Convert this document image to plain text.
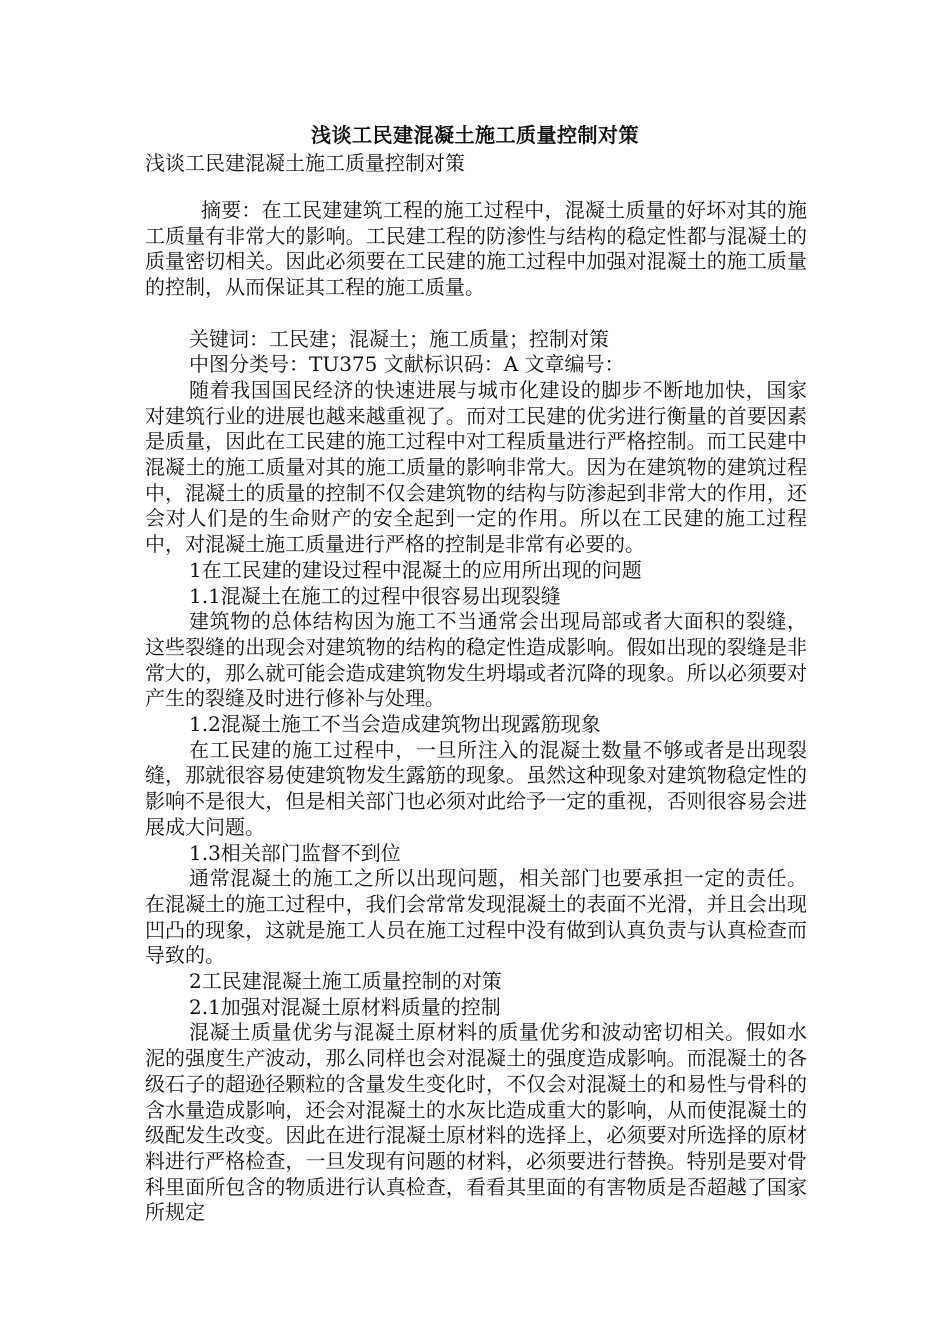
浅谈工民建混凝土施工质量控制对策
浅谈工民建混凝土施工质量控制对策

摘要：在工民建建筑工程的施工过程中，混凝土质量的好坏对其的施工质量有非常大的影响。工民建工程的防渗性与结构的稳定性都与混凝土的质量密切相关。因此必须要在工民建的施工过程中加强对混凝土的施工质量的控制，从而保证其工程的施工质量。

关键词：工民建；混凝土；施工质量；控制对策

中图分类号：TU375 文献标识码：A 文章编号：

随着我国国民经济的快速进展与城市化建设的脚步不断地加快，国家对建筑行业的进展也越来越重视了。而对工民建的优劣进行衡量的首要因素是质量，因此在工民建的施工过程中对工程质量进行严格控制。而工民建中混凝土的施工质量对其的施工质量的影响非常大。因为在建筑物的建筑过程中，混凝土的质量的控制不仅会建筑物的结构与防渗起到非常大的作用，还会对人们是的生命财产的安全起到一定的作用。所以在工民建的施工过程中，对混凝土施工质量进行严格的控制是非常有必要的。

1在工民建的建设过程中混凝土的应用所出现的问题

1.1混凝土在施工的过程中很容易出现裂缝

建筑物的总体结构因为施工不当通常会出现局部或者大面积的裂缝，这些裂缝的出现会对建筑物的结构的稳定性造成影响。假如出现的裂缝是非常大的，那么就可能会造成建筑物发生坍塌或者沉降的现象。所以必须要对产生的裂缝及时进行修补与处理。

1.2混凝土施工不当会造成建筑物出现露筋现象

在工民建的施工过程中，一旦所注入的混凝土数量不够或者是出现裂缝，那就很容易使建筑物发生露筋的现象。虽然这种现象对建筑物稳定性的影响不是很大，但是相关部门也必须对此给予一定的重视，否则很容易会进展成大问题。

1.3相关部门监督不到位

通常混凝土的施工之所以出现问题，相关部门也要承担一定的责任。在混凝土的施工过程中，我们会常常发现混凝土的表面不光滑，并且会出现凹凸的现象，这就是施工人员在施工过程中没有做到认真负责与认真检查而导致的。

2工民建混凝土施工质量控制的对策

2.1加强对混凝土原材料质量的控制

混凝土质量优劣与混凝土原材料的质量优劣和波动密切相关。假如水泥的强度生产波动，那么同样也会对混凝土的强度造成影响。而混凝土的各级石子的超逊径颗粒的含量发生变化时，不仅会对混凝土的和易性与骨科的含水量造成影响，还会对混凝土的水灰比造成重大的影响，从而使混凝土的级配发生改变。因此在进行混凝土原材料的选择上，必须要对所选择的原材料进行严格检查，一旦发现有问题的材料，必须要进行替换。特别是要对骨科里面所包含的物质进行认真检查，看看其里面的有害物质是否超越了国家所规定
